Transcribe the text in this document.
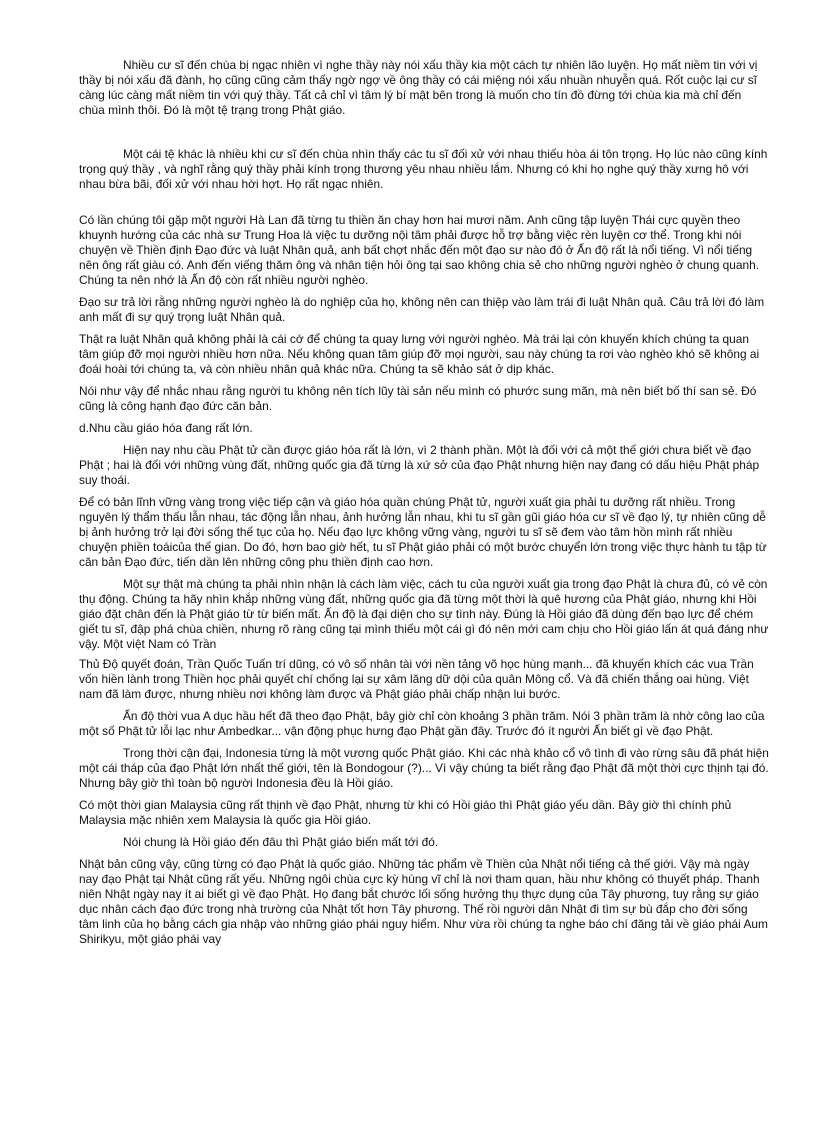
Nhiều cư sĩ đến chùa bị ngạc nhiên vì nghe thầy này nói xấu thầy kia một cách tự nhiên lão luyện. Họ mất niềm tin với vị thầy bị nói xấu đã đành, họ cũng cũng cảm thấy ngờ ngợ về ông thầy có cái miệng nói xấu nhuần nhuyễn quá. Rốt cuộc lại cư sĩ càng lúc càng mất niềm tin với quý thầy. Tất cả chỉ vì tâm lý bí mật bên trong là muốn cho tín đồ đừng tới chùa kia mà chỉ đến chùa mình thôi. Đó là một tệ trạng trong Phật giáo.

Một cái tệ khác là nhiều khi cư sĩ đến chùa nhìn thấy các tu sĩ đối xử với nhau thiếu hòa ái tôn trọng. Họ lúc nào cũng kính trọng quý thầy , và nghĩ rằng quý thầy phải kính trọng thương yêu nhau nhiều lắm. Nhưng có khi họ nghe quý thầy xưng hô với nhau bừa bãi, đối xử với nhau hời hợt. Họ rất ngạc nhiên.

Có lần chúng tôi gặp một người Hà Lan đã từng tu thiền ăn chay hơn hai mươi năm. Anh cũng tập luyện Thái cực quyền theo khuynh hướng của các nhà sư Trung Hoa là việc tu dưỡng nội tâm phải được hỗ trợ bằng việc rèn luyện cơ thể. Trong khi nói chuyện về Thiền định Đạo đức và luật Nhân quả, anh bất chợt nhắc đến một đạo sư nào đó ở Ấn độ rất là nổi tiếng. Vì nổi tiếng nên ông rất giàu có. Anh đến viếng thăm ông và nhân tiện hỏi ông tại sao không chia sẻ cho những người nghèo ở chung quanh. Chúng ta nên nhớ là Ấn độ còn rất nhiều người nghèo.

Đạo sư trả lời rằng những người nghèo là do nghiệp của họ, không nên can thiệp vào làm trái đi luật Nhân quả. Câu trả lời đó làm anh mất đi sự quý trọng luật Nhân quả.

Thật ra luật Nhân quả không phải là cái cớ để chúng ta quay lưng với người nghèo. Mà trái lại còn khuyến khích chúng ta quan tâm giúp đỡ mọi người nhiều hơn nữa. Nếu không quan tâm giúp đỡ mọi người, sau này chúng ta rơi vào nghèo khó sẽ không ai đoái hoài tới chúng ta, và còn nhiều nhân quả khác nữa. Chúng ta sẽ khảo sát ở dịp khác.

Nói như vậy để nhắc nhau rằng người tu không nên tích lũy tài sản nếu mình có phước sung mãn, mà nên biết bố thí san sẻ. Đó cũng là công hạnh đạo đức căn bản.

d.Nhu cầu giáo hóa đang rất lớn.

Hiện nay nhu cầu Phật tử cần được giáo hóa rất là lớn, vì 2 thành phần. Một là đối với cả một thế giới chưa biết về đạo Phật ; hai là đối với những vùng đất, những quốc gia đã từng là xứ sở của đạo Phật nhưng hiện nay đang có dấu hiệu Phật pháp suy thoái.

Để có bản lĩnh vững vàng trong việc tiếp cận và giáo hóa quần chúng Phật tử, người xuất gia phải tu dưỡng rất nhiều. Trong nguyên lý thẩm thấu lẫn nhau, tác động lẫn nhau, ảnh hưởng lẫn nhau, khi tu sĩ gần gũi giáo hóa cư sĩ về đạo lý, tự nhiên cũng dễ bị ảnh hưởng trở lại đời sống thế tục của họ. Nếu đạo lực không vững vàng, người tu sĩ sẽ đem vào tâm hồn mình rất nhiều chuyện phiền toáicủa thế gian. Do đó, hơn bao giờ hết, tu sĩ Phật giáo phải có một bước chuyển lớn trong việc thực hành tu tập từ căn bản Đạo đức, tiến dần lên những công phu thiền định cao hơn.

Một sự thật mà chúng ta phải nhìn nhận là cách làm việc, cách tu của người xuất gia trong đạo Phật là chưa đủ, có vẻ còn thụ động. Chúng ta hãy nhìn khắp những vùng đất, những quốc gia đã từng một thời là quê hương của Phật giáo, nhưng khi Hồi giáo đặt chân đến là Phật giáo từ từ biến mất. Ấn độ là đại diện cho sự tình này. Đúng là Hồi giáo đã dùng đến bạo lực để chém giết tu sĩ, đập phá chùa chiền, nhưng rõ ràng cũng tại mình thiếu một cái gì đó nên mới cam chịu cho Hồi giáo lấn át quá đáng như vậy. Một việt Nam có Trần

Thủ Độ quyết đoán, Trần Quốc Tuấn trí dũng, có vô số nhân tài với nền tảng võ học hùng mạnh... đã khuyến khích các vua Trần vốn hiền lành trong Thiền học phải quyết chí chống lại sự xâm lăng dữ dội của quân Mông cổ. Và đã chiến thắng oai hùng. Việt nam đã làm được, nhưng nhiều nơi không làm được và Phật giáo phải chấp nhận lui bước.

Ấn độ thời vua A dục hầu hết đã theo đạo Phật, bây giờ chỉ còn khoảng 3 phần trăm. Nói 3 phần trăm là nhờ công lao của một số Phật tử lỗi lạc như Ambedkar... vận động phục hưng đạo Phật gần đây. Trước đó ít người Ấn biết gì về đạo Phật.

Trong thời cận đại, Indonesia từng là một vương quốc Phật giáo. Khi các nhà khảo cổ vô tình đi vào rừng sâu đã phát hiện một cái tháp của đạo Phật lớn nhất thế giới, tên là Bondogour (?)... Vì vậy chúng ta biết rằng đạo Phật đã một thời cực thịnh tại đó. Nhưng bây giờ thì toàn bộ người Indonesia đều là Hồi giáo.

Có một thời gian Malaysia cũng rất thịnh về đạo Phật, nhưng từ khi có Hồi giáo thì Phật giáo yếu dần. Bây giờ thì chính phủ Malaysia mặc nhiên xem Malaysia là quốc gia Hồi giáo.

Nói chung là Hồi giáo đến đâu thì Phật giáo biến mất tới đó.

Nhật bản cũng vậy, cũng từng có đạo Phật là quốc giáo. Những tác phẩm về Thiền của Nhật nổi tiếng cả thế giới. Vậy mà ngày nay đạo Phật tại Nhật cũng rất yếu. Những ngôi chùa cực kỳ hùng vĩ chỉ là nơi tham quan, hầu như không có thuyết pháp. Thanh niên Nhật ngày nay ít ai biết gì về đạo Phật. Họ đang bắt chước lối sống hưởng thụ thực dụng của Tây phương, tuy rằng sự giáo dục nhân cách đạo đức trong nhà trường của Nhật tốt hơn Tây phương. Thế rồi người dân Nhật đi tìm sự bù đắp cho đời sống tâm linh của họ bằng cách gia nhập vào những giáo phái nguy hiểm. Như vừa rồi chúng ta nghe báo chí đăng tải về giáo phái Aum Shirikyu, một giáo phái vay
